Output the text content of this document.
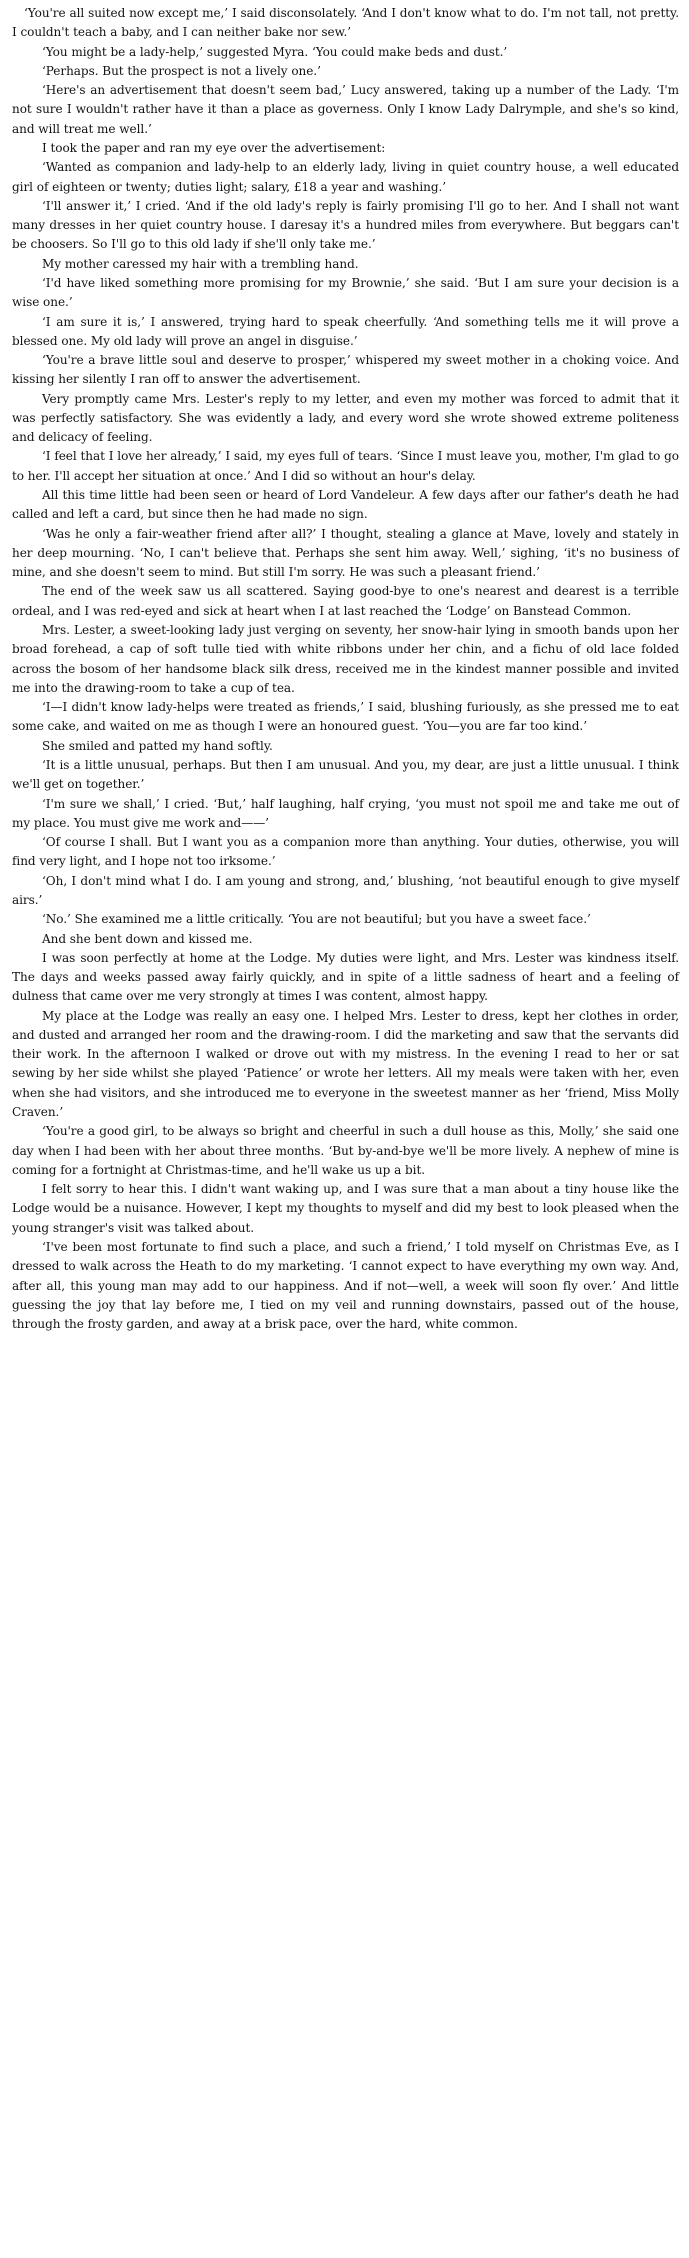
‘You're all suited now except me,’ I said disconsolately. ‘And I don't know what to do. I'm not tall, not pretty. I couldn't teach a baby, and I can neither bake nor sew.’

‘You might be a lady-help,’ suggested Myra. ‘You could make beds and dust.’

‘Perhaps. But the prospect is not a lively one.’

‘Here's an advertisement that doesn't seem bad,’ Lucy answered, taking up a number of the Lady. ‘I'm not sure I wouldn't rather have it than a place as governess. Only I know Lady Dalrymple, and she's so kind, and will treat me well.’

I took the paper and ran my eye over the advertisement:

‘Wanted as companion and lady-help to an elderly lady, living in quiet country house, a well educated girl of eighteen or twenty; duties light; salary, £18 a year and washing.’

‘I'll answer it,’ I cried. ‘And if the old lady's reply is fairly promising I'll go to her. And I shall not want many dresses in her quiet country house. I daresay it's a hundred miles from everywhere. But beggars can't be choosers. So I'll go to this old lady if she'll only take me.’

My mother caressed my hair with a trembling hand.

‘I'd have liked something more promising for my Brownie,’ she said. ‘But I am sure your decision is a wise one.’

‘I am sure it is,’ I answered, trying hard to speak cheerfully. ‘And something tells me it will prove a blessed one. My old lady will prove an angel in disguise.’

‘You're a brave little soul and deserve to prosper,’ whispered my sweet mother in a choking voice. And kissing her silently I ran off to answer the advertisement.

Very promptly came Mrs. Lester's reply to my letter, and even my mother was forced to admit that it was perfectly satisfactory. She was evidently a lady, and every word she wrote showed extreme politeness and delicacy of feeling.

‘I feel that I love her already,’ I said, my eyes full of tears. ‘Since I must leave you, mother, I'm glad to go to her. I'll accept her situation at once.’ And I did so without an hour's delay.

All this time little had been seen or heard of Lord Vandeleur. A few days after our father's death he had called and left a card, but since then he had made no sign.

‘Was he only a fair-weather friend after all?’ I thought, stealing a glance at Mave, lovely and stately in her deep mourning. ‘No, I can't believe that. Perhaps she sent him away. Well,’ sighing, ‘it's no business of mine, and she doesn't seem to mind. But still I'm sorry. He was such a pleasant friend.’

The end of the week saw us all scattered. Saying good-bye to one's nearest and dearest is a terrible ordeal, and I was red-eyed and sick at heart when I at last reached the ‘Lodge’ on Banstead Common.

Mrs. Lester, a sweet-looking lady just verging on seventy, her snow-hair lying in smooth bands upon her broad forehead, a cap of soft tulle tied with white ribbons under her chin, and a fichu of old lace folded across the bosom of her handsome black silk dress, received me in the kindest manner possible and invited me into the drawing-room to take a cup of tea.

‘I—I didn't know lady-helps were treated as friends,’ I said, blushing furiously, as she pressed me to eat some cake, and waited on me as though I were an honoured guest. ‘You—you are far too kind.’

She smiled and patted my hand softly.

‘It is a little unusual, perhaps. But then I am unusual. And you, my dear, are just a little unusual. I think we'll get on together.’

‘I'm sure we shall,’ I cried. ‘But,’ half laughing, half crying, ‘you must not spoil me and take me out of my place. You must give me work and——’

‘Of course I shall. But I want you as a companion more than anything. Your duties, otherwise, you will find very light, and I hope not too irksome.’

‘Oh, I don't mind what I do. I am young and strong, and,’ blushing, ‘not beautiful enough to give myself airs.’

‘No.’ She examined me a little critically. ‘You are not beautiful; but you have a sweet face.’

And she bent down and kissed me.

I was soon perfectly at home at the Lodge. My duties were light, and Mrs. Lester was kindness itself. The days and weeks passed away fairly quickly, and in spite of a little sadness of heart and a feeling of dulness that came over me very strongly at times I was content, almost happy.

My place at the Lodge was really an easy one. I helped Mrs. Lester to dress, kept her clothes in order, and dusted and arranged her room and the drawing-room. I did the marketing and saw that the servants did their work. In the afternoon I walked or drove out with my mistress. In the evening I read to her or sat sewing by her side whilst she played ‘Patience’ or wrote her letters. All my meals were taken with her, even when she had visitors, and she introduced me to everyone in the sweetest manner as her ‘friend, Miss Molly Craven.’

‘You're a good girl, to be always so bright and cheerful in such a dull house as this, Molly,’ she said one day when I had been with her about three months. ‘But by-and-bye we'll be more lively. A nephew of mine is coming for a fortnight at Christmas-time, and he'll wake us up a bit.

I felt sorry to hear this. I didn't want waking up, and I was sure that a man about a tiny house like the Lodge would be a nuisance. However, I kept my thoughts to myself and did my best to look pleased when the young stranger's visit was talked about.

‘I've been most fortunate to find such a place, and such a friend,’ I told myself on Christmas Eve, as I dressed to walk across the Heath to do my marketing. ‘I cannot expect to have everything my own way. And, after all, this young man may add to our happiness. And if not—well, a week will soon fly over.’ And little guessing the joy that lay before me, I tied on my veil and running downstairs, passed out of the house, through the frosty garden, and away at a brisk pace, over the hard, white common.
